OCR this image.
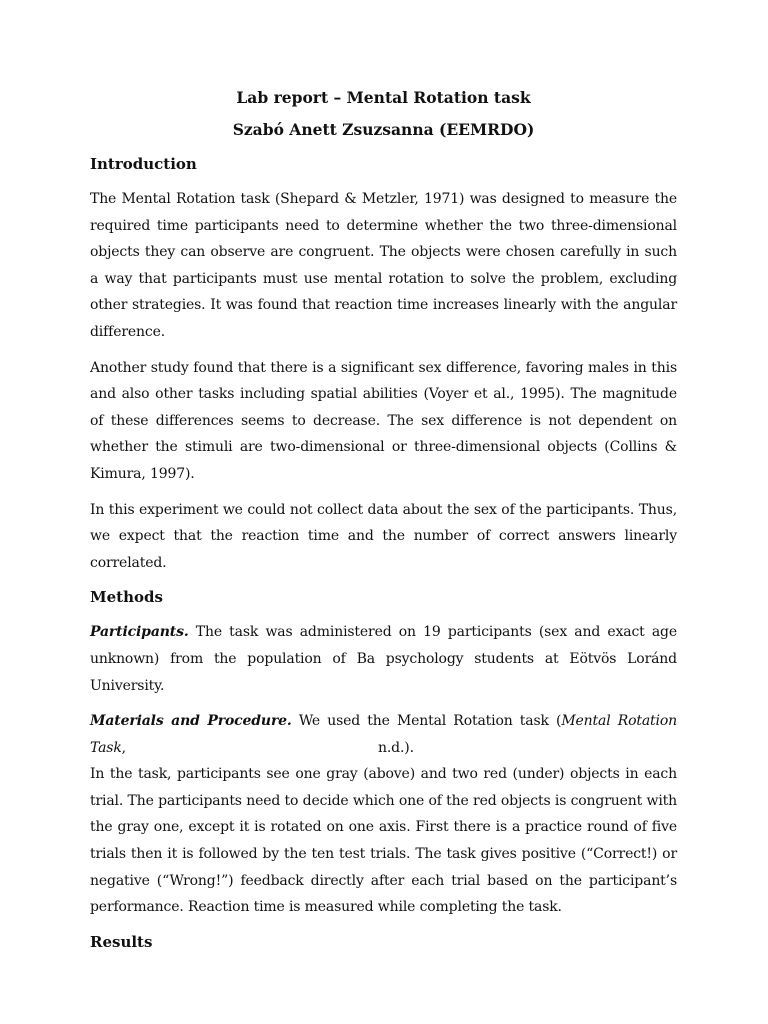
Lab report – Mental Rotation task

Szabó Anett Zsuzsanna (EEMRDO)

Introduction

The Mental Rotation task (Shepard & Metzler, 1971) was designed to measure the required time participants need to determine whether the two three-dimensional objects they can observe are congruent. The objects were chosen carefully in such a way that participants must use mental rotation to solve the problem, excluding other strategies. It was found that reaction time increases linearly with the angular difference.

Another study found that there is a significant sex difference, favoring males in this and also other tasks including spatial abilities (Voyer et al., 1995). The magnitude of these differences seems to decrease. The sex difference is not dependent on whether the stimuli are two-dimensional or three-dimensional objects (Collins & Kimura, 1997).

In this experiment we could not collect data about the sex of the participants. Thus, we expect that the reaction time and the number of correct answers linearly correlated.

Methods

Participants. The task was administered on 19 participants (sex and exact age unknown) from the population of Ba psychology students at Eötvös Loránd University.

Materials and Procedure. We used the Mental Rotation task (Mental Rotation Task,	n.d.).

In the task, participants see one gray (above) and two red (under) objects in each trial. The participants need to decide which one of the red objects is congruent with the gray one, except it is rotated on one axis. First there is a practice round of five trials then it is followed by the ten test trials. The task gives positive (“Correct!) or negative (“Wrong!”) feedback directly after each trial based on the participant’s performance. Reaction time is measured while completing the task.

Results
